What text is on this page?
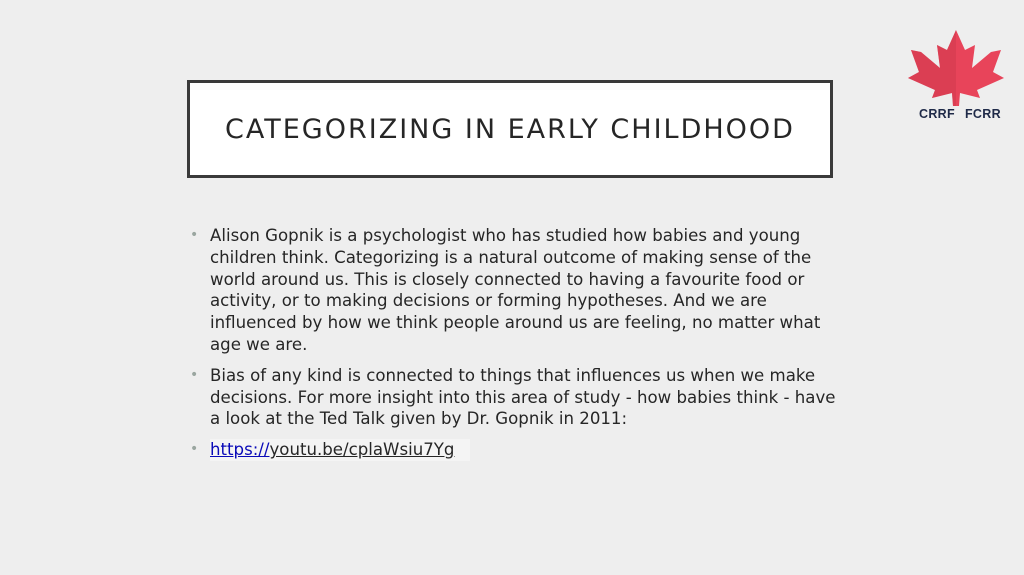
CRRF FCRR
CATEGORIZING IN EARLY CHILDHOOD
• Alison Gopnik is a psychologist who has studied how babies and young children think. Categorizing is a natural outcome of making sense of the world around us. This is closely connected to having a favourite food or activity, or to making decisions or forming hypotheses. And we are influenced by how we think people around us are feeling, no matter what age we are.
• Bias of any kind is connected to things that influences us when we make decisions. For more insight into this area of study - how babies think - have a look at the Ted Talk given by Dr. Gopnik in 2011:
• https://youtu.be/cplaWsiu7Yg
